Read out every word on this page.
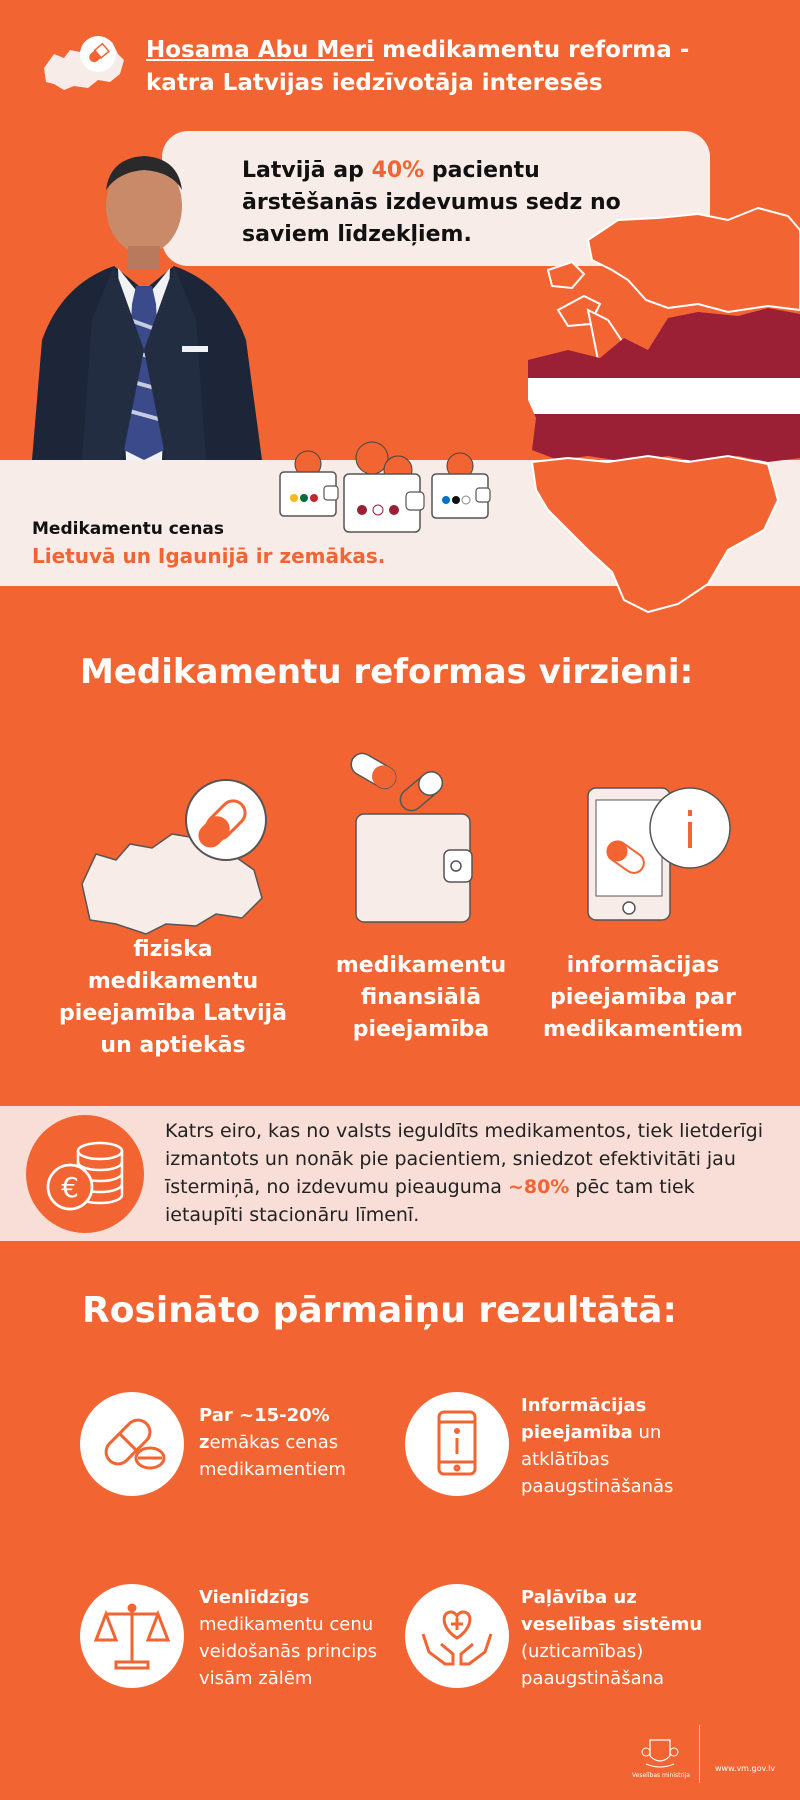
Hosama Abu Meri medikamentu reforma -
katra Latvijas iedzīvotāja interesēs
Latvijā ap 40% pacientu ārstēšanās izdevumus sedz no saviem līdzekļiem.
Medikamentu cenas
Lietuvā un Igaunijā ir zemākas.
Medikamentu reformas virzieni:
fiziska medikamentu pieejamība Latvijā un aptiekās
medikamentu finansiālā pieejamība
informācijas pieejamība par medikamentiem
€
Katrs eiro, kas no valsts ieguldīts medikamentos, tiek lietderīgi izmantots un nonāk pie pacientiem, sniedzot efektivitāti jau īstermiņā, no izdevumu pieauguma ~80% pēc tam tiek ietaupīti stacionāru līmenī.
Rosināto pārmaiņu rezultātā:
Par ~15-20%
zemākas cenas medikamentiem
Informācijas pieejamība un atklātības paaugstināšanās
Vienlīdzīgs medikamentu cenu veidošanās princips visām zālēm
Paļāvība uz veselības sistēmu (uzticamības) paaugstināšana
Veselības ministrija
www.vm.gov.lv
